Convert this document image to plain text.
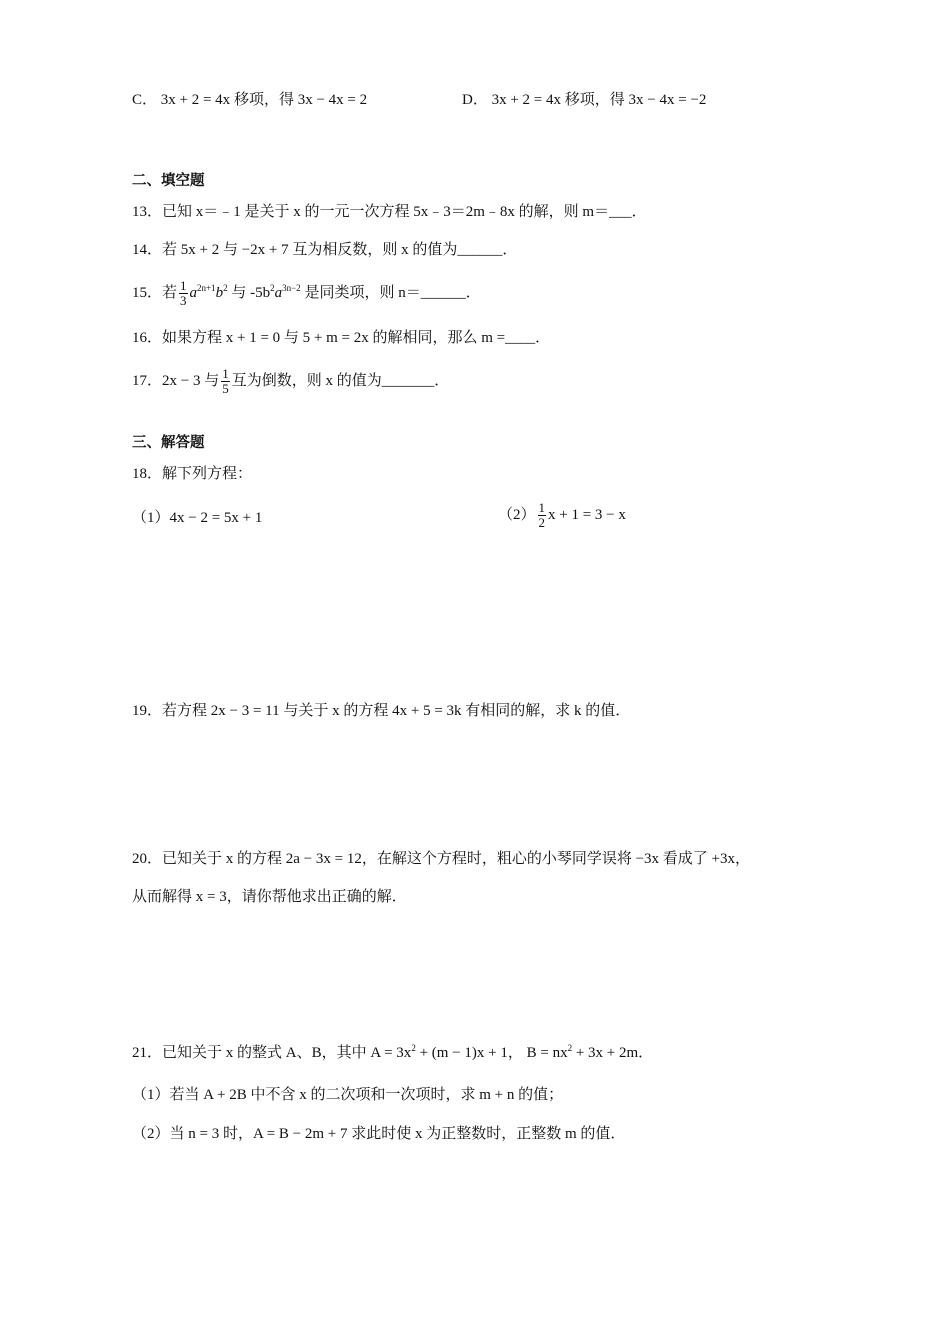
C． 3x + 2 = 4x 移项，得 3x − 4x = 2	D． 3x + 2 = 4x 移项，得 3x − 4x = −2
二、填空题
13．已知 x＝﹣1 是关于 x 的一元一次方程 5x﹣3＝2m﹣8x 的解，则 m＝___．
14．若 5x + 2 与 −2x + 7 互为相反数，则 x 的值为______．
15．若 $\frac{1}{3} a^{2n+1}b^2$ 与 $-5b^2a^{3n-2}$ 是同类项，则 n＝______．
16．如果方程 x + 1 = 0 与 5 + m = 2x 的解相同，那么 m =____．
17．2x − 3 与 $\frac{1}{5}$ 互为倒数，则 x 的值为_______．
三、解答题
18．解下列方程：
（1）4x − 2 = 5x + 1	$(2) \frac{1}{2}$ x + 1 = 3 − x
19．若方程 2x − 3 = 11 与关于 x 的方程 4x + 5 = 3k 有相同的解，求 k 的值．
20．已知关于 x 的方程 2a − 3x = 12，在解这个方程时，粗心的小琴同学误将 −3x 看成了 +3x，
从而解得 x = 3，请你帮他求出正确的解．
21．已知关于 x 的整式 A、B，其中 $A = 3x^2 + (m - 1)x + 1$， $B = nx^2 + 3x + 2m$．
（1）若当 A + 2B 中不含 x 的二次项和一次项时，求 m + n 的值；
（2）当 n = 3 时，A = B − 2m + 7 求此时使 x 为正整数时，正整数 m 的值．
